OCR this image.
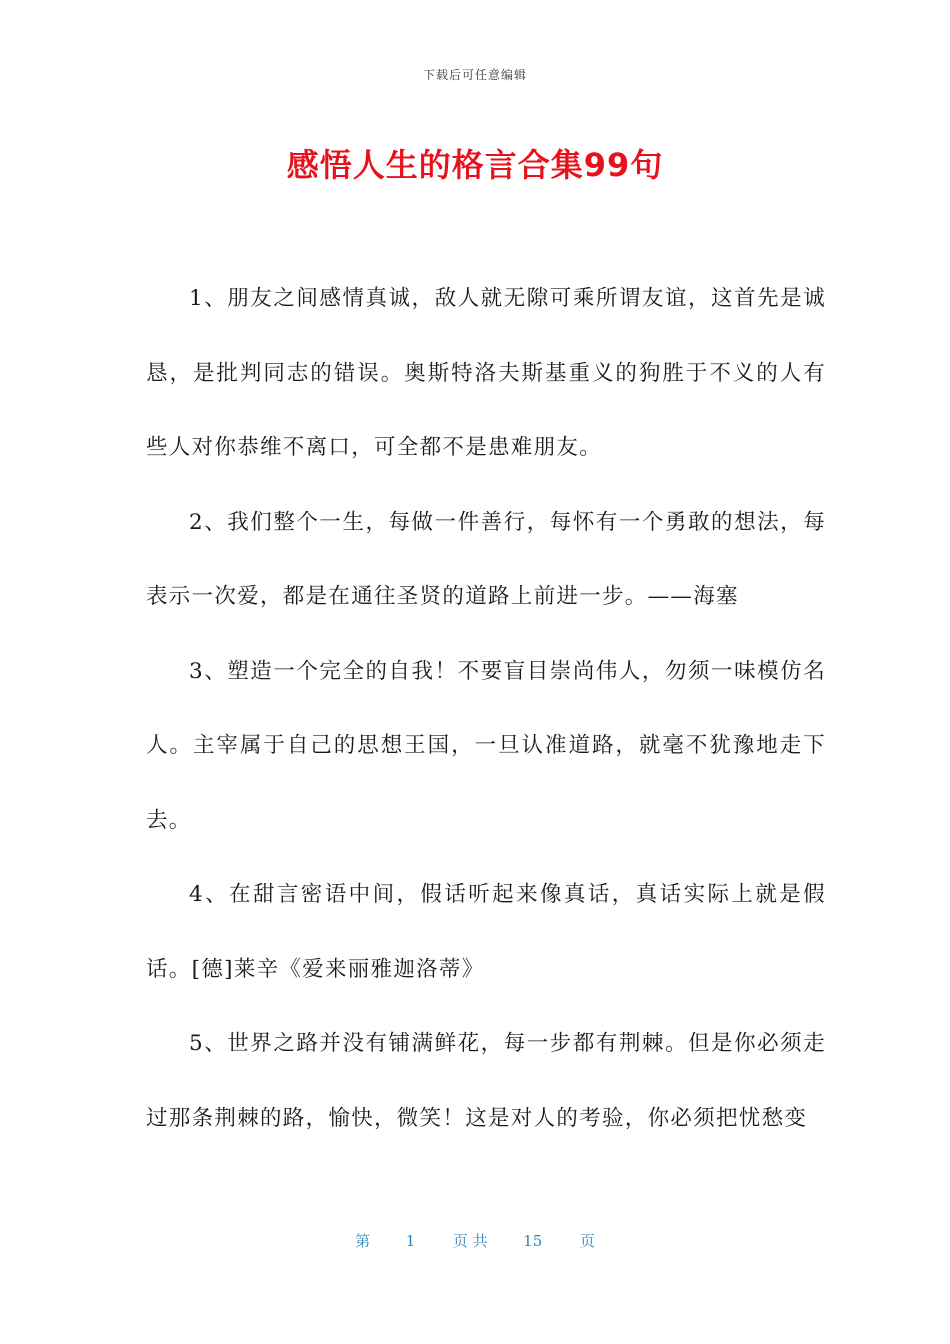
下载后可任意编辑
感悟人生的格言合集99句

1、朋友之间感情真诚，敌人就无隙可乘所谓友谊，这首先是诚恳，是批判同志的错误。奥斯特洛夫斯基重义的狗胜于不义的人有些人对你恭维不离口，可全都不是患难朋友。

2、我们整个一生，每做一件善行，每怀有一个勇敢的想法，每表示一次爱，都是在通往圣贤的道路上前进一步。——海塞

3、塑造一个完全的自我！不要盲目崇尚伟人，勿须一味模仿名人。主宰属于自己的思想王国，一旦认准道路，就毫不犹豫地走下去。

4、在甜言密语中间，假话听起来像真话，真话实际上就是假话。[德]莱辛《爱来丽雅迦洛蒂》

5、世界之路并没有铺满鲜花，每一步都有荆棘。但是你必须走过那条荆棘的路，愉快，微笑！这是对人的考验，你必须把忧愁变

第 1	页 共 15	页
